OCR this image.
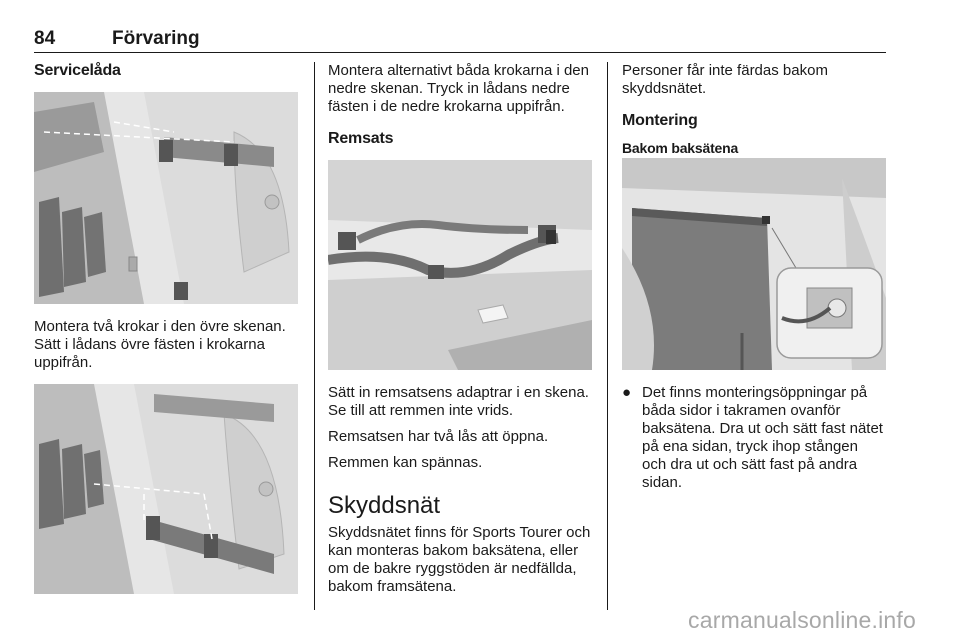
84	Förvaring
Servicelåda

Montera två krokar i den övre skenan. Sätt i lådans övre fästen i krokarna uppifrån.

Montera alternativt båda krokarna i den nedre skenan. Tryck in lådans nedre fästen i de nedre krokarna uppifrån.

Remsats

Sätt in remsatsens adaptrar i en skena. Se till att remmen inte vrids.

Remsatsen har två lås att öppna.

Remmen kan spännas.

Skyddsnät

Skyddsnätet finns för Sports Tourer och kan monteras bakom baksätena, eller om de bakre ryggstöden är nedfällda, bakom framsätena.

Personer får inte färdas bakom skyddsnätet.

Montering
Bakom baksätena
● Det finns monteringsöppningar på båda sidor i takramen ovanför baksätena. Dra ut och sätt fast nätet på ena sidan, tryck ihop stången och dra ut och sätt fast på andra sidan.
carmanualsonline.info
